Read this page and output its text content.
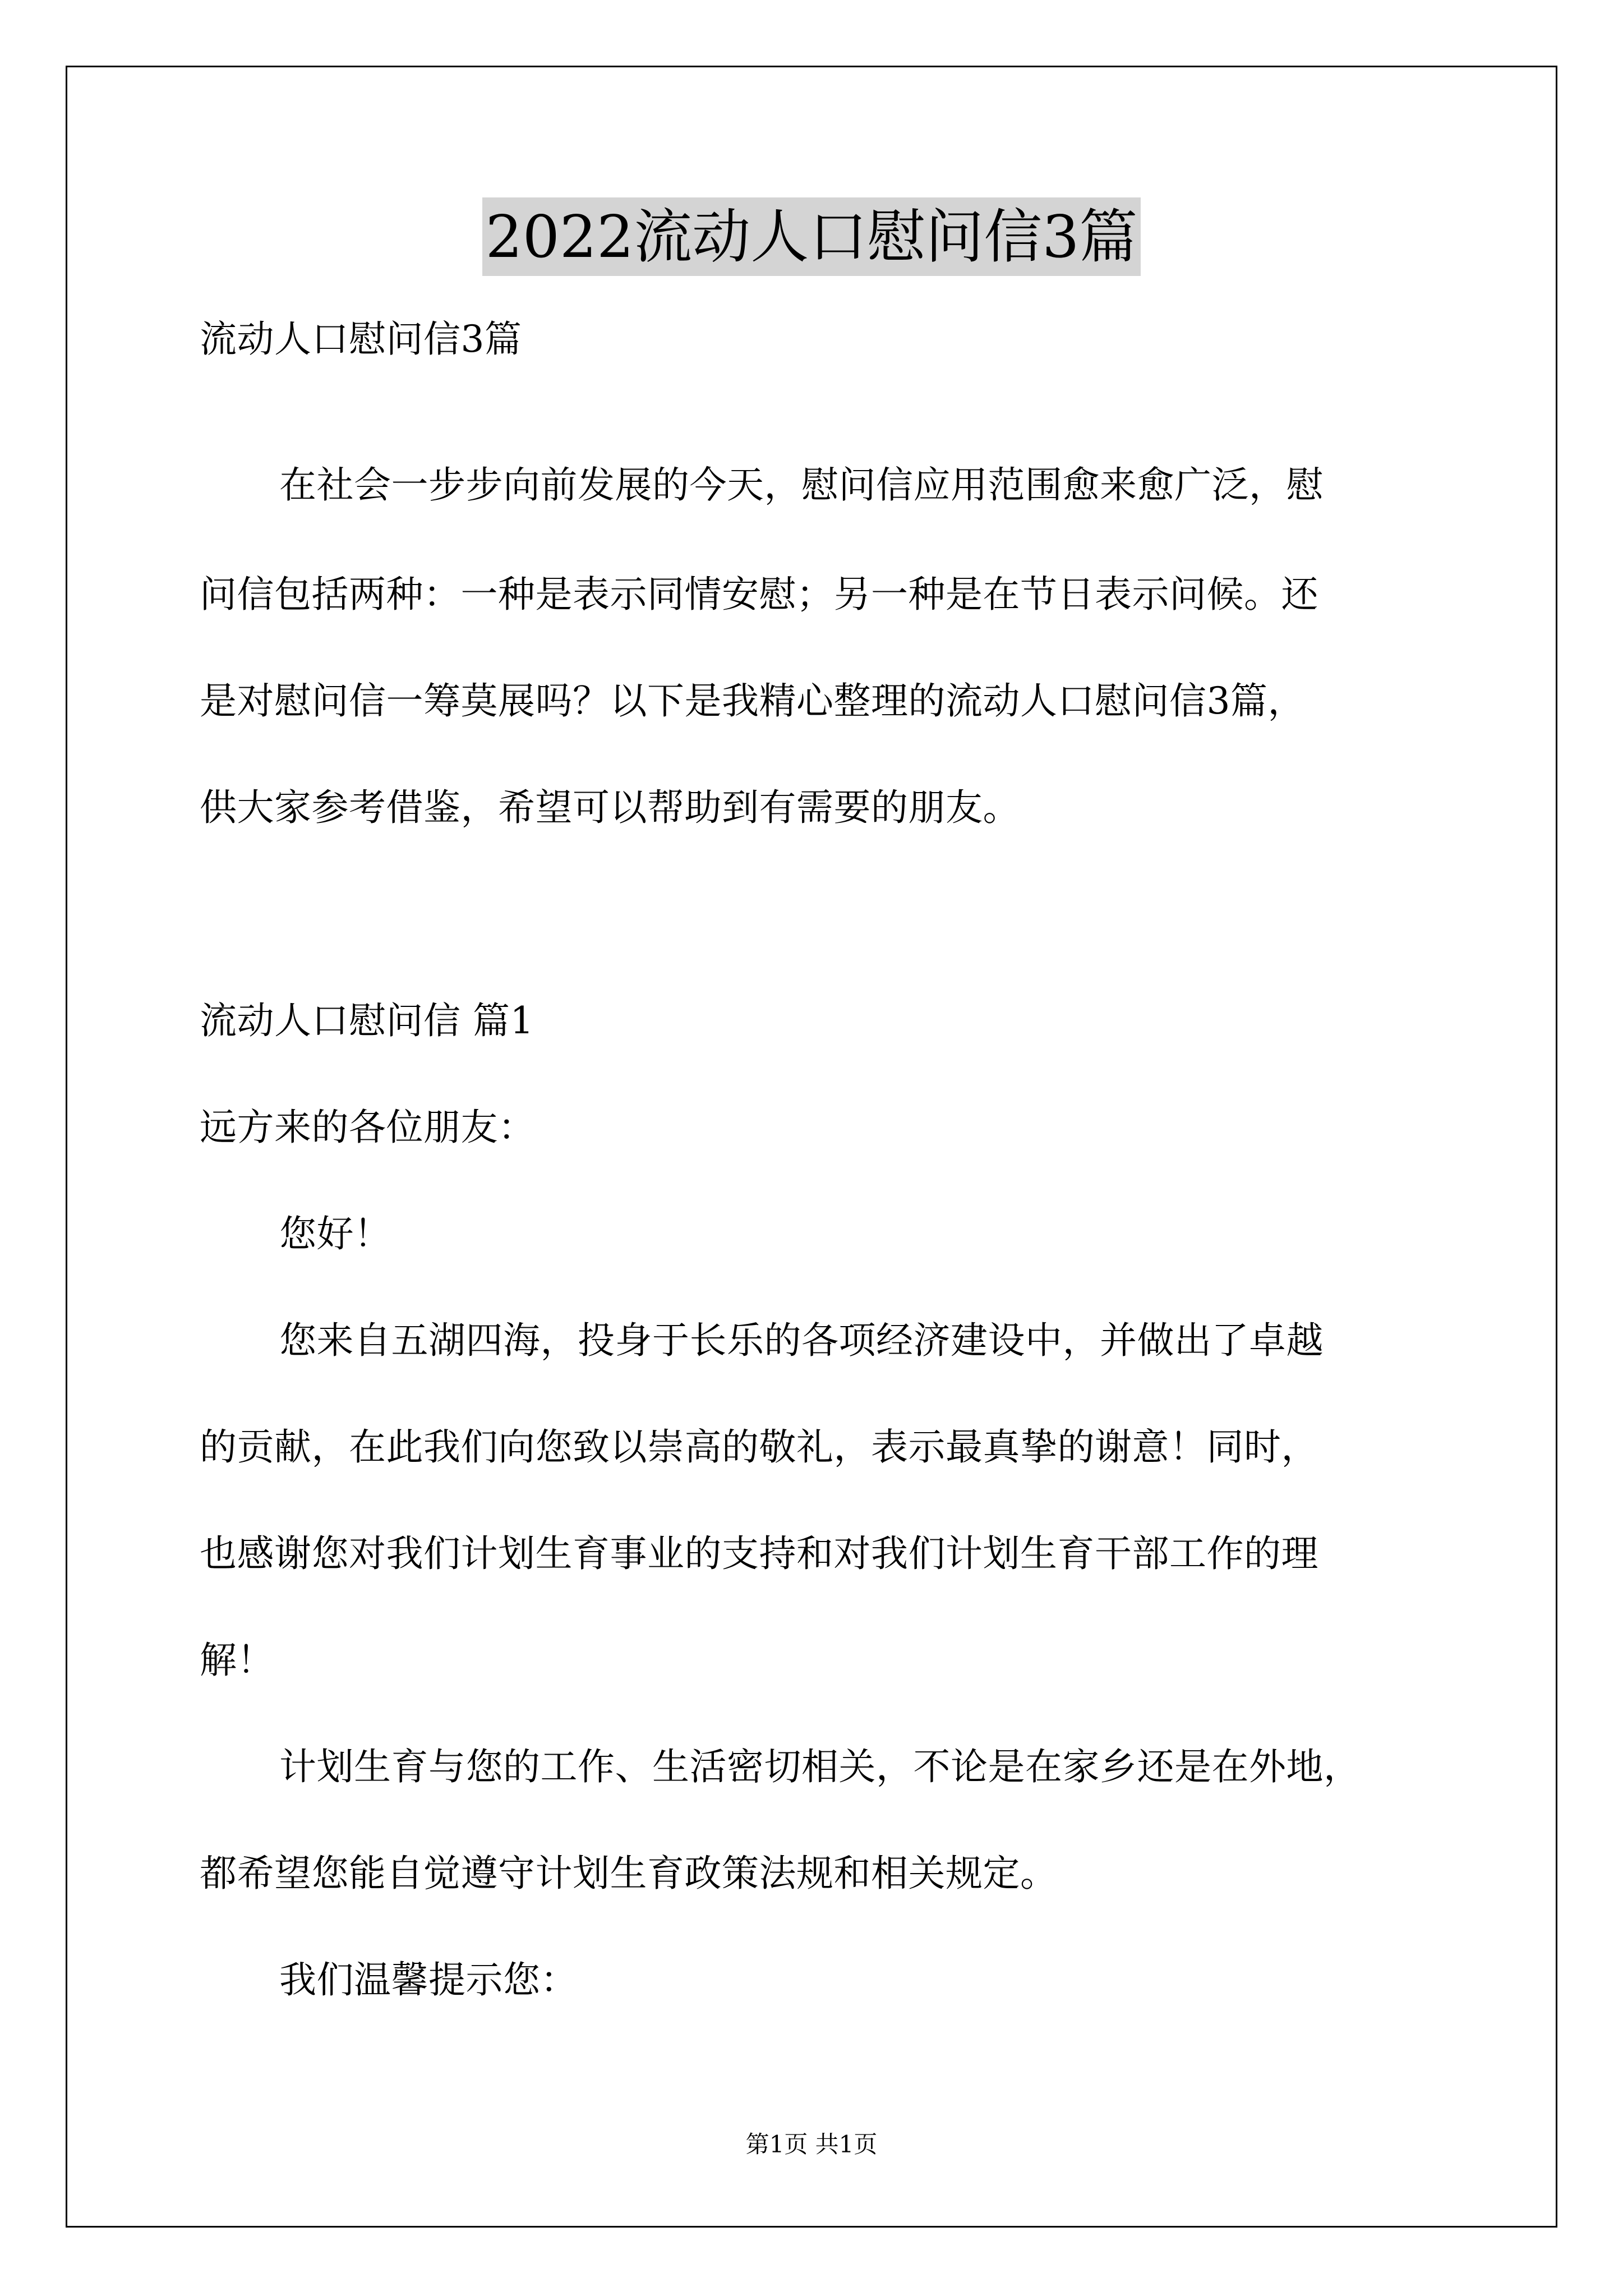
2022流动人口慰问信3篇
流动人口慰问信3篇
在社会一步步向前发展的今天，慰问信应用范围愈来愈广泛，慰
问信包括两种：一种是表示同情安慰；另一种是在节日表示问候。还
是对慰问信一筹莫展吗？以下是我精心整理的流动人口慰问信3篇，
供大家参考借鉴，希望可以帮助到有需要的朋友。
流动人口慰问信 篇1
远方来的各位朋友：
您好！
您来自五湖四海，投身于长乐的各项经济建设中，并做出了卓越
的贡献，在此我们向您致以崇高的敬礼，表示最真挚的谢意！同时，
也感谢您对我们计划生育事业的支持和对我们计划生育干部工作的理
解！
计划生育与您的工作、生活密切相关，不论是在家乡还是在外地，
都希望您能自觉遵守计划生育政策法规和相关规定。
我们温馨提示您：
第1页 共1页
